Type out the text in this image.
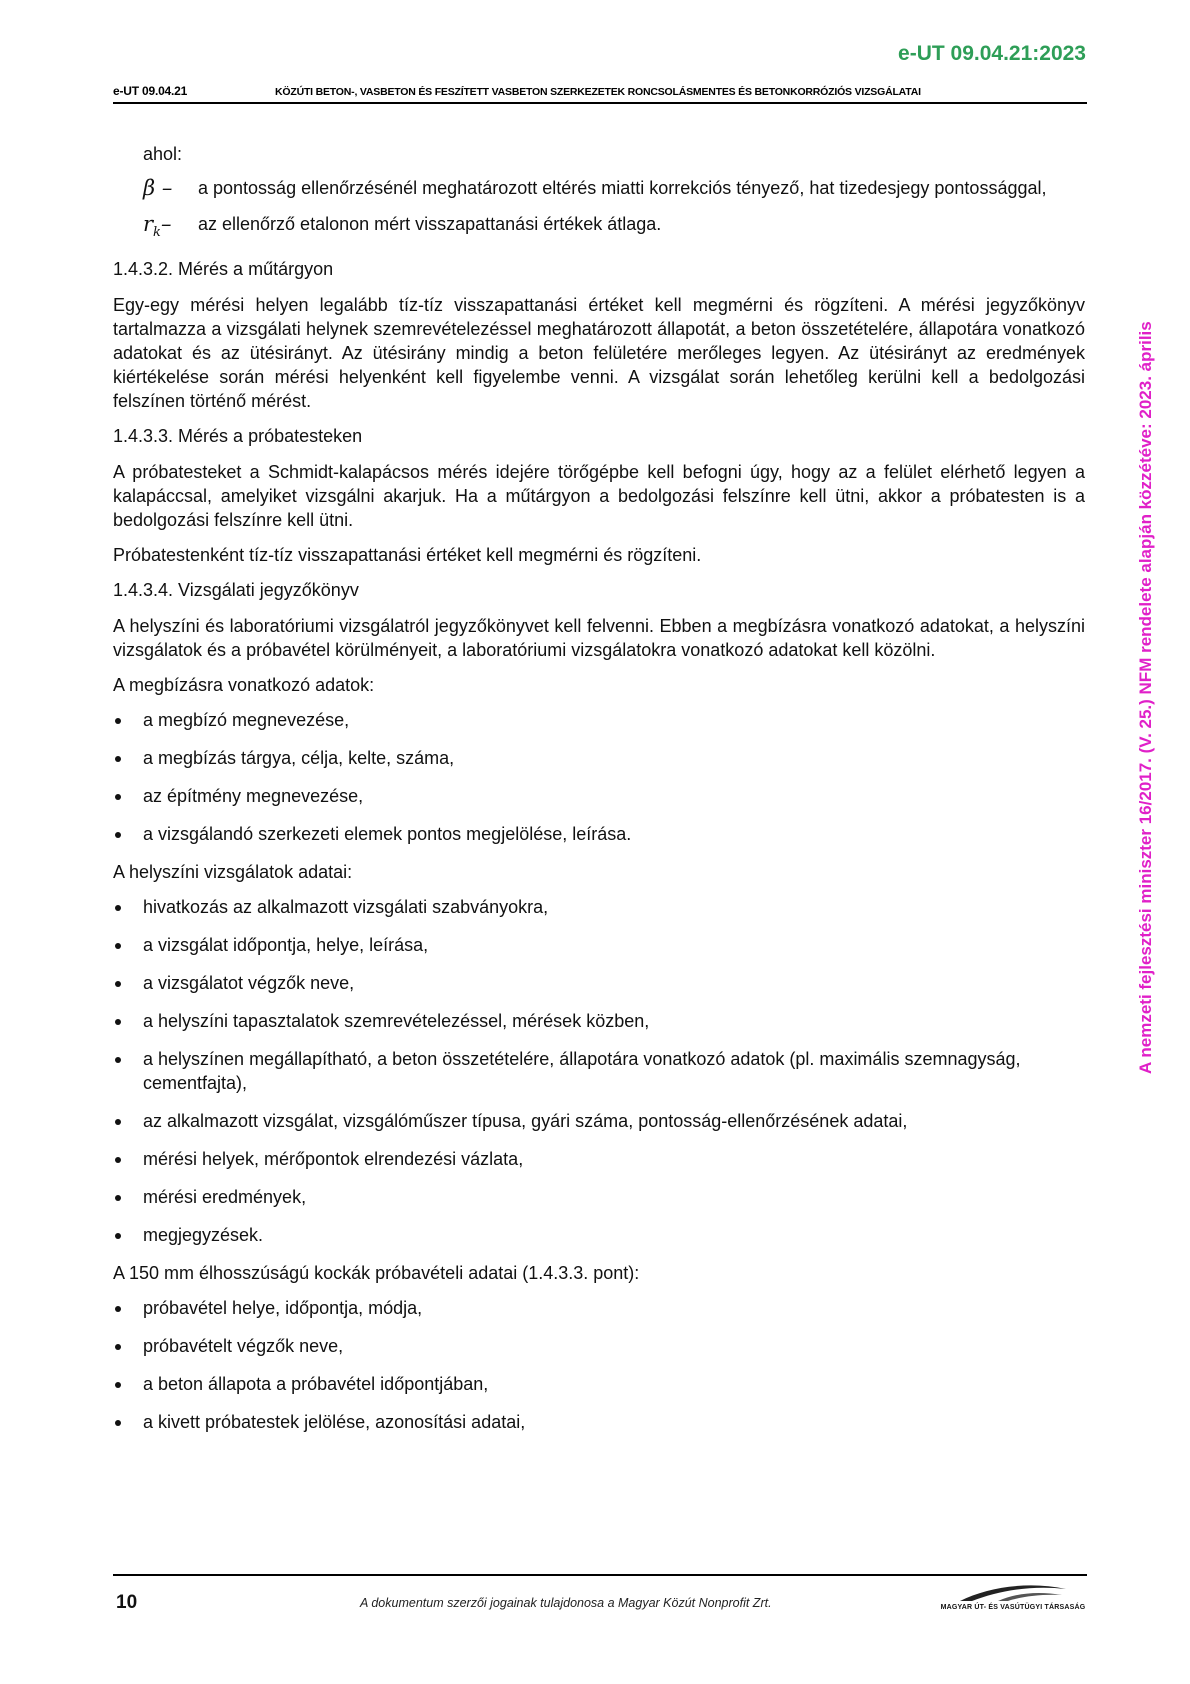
e-UT 09.04.21:2023
e-UT 09.04.21	KÖZÚTI BETON-, VASBETON ÉS FESZÍTETT VASBETON SZERKEZETEK RONCSOLÁSMENTES ÉS BETONKORRÓZIÓS VIZSGÁLATAI
A nemzeti fejlesztési miniszter 16/2017. (V. 25.) NFM rendelete alapján közzétéve: 2023. április

ahol:

β –	a pontosság ellenőrzésénél meghatározott eltérés miatti korrekciós tényező, hat tizedesjegy pontossággal,
$r_k-$	az ellenőrző etalonon mért visszapattanási értékek átlaga.

1.4.3.2. Mérés a műtárgyon

Egy-egy mérési helyen legalább tíz-tíz visszapattanási értéket kell megmérni és rögzíteni. A mérési jegyzőkönyv tartalmazza a vizsgálati helynek szemrevételezéssel meghatározott állapotát, a beton összetételére, állapotára vonatkozó adatokat és az ütésirányt. Az ütésirány mindig a beton felületére merőleges legyen. Az ütésirányt az eredmények kiértékelése során mérési helyenként kell figyelembe venni. A vizsgálat során lehetőleg kerülni kell a bedolgozási felszínen történő mérést.

1.4.3.3. Mérés a próbatesteken

A próbatesteket a Schmidt-kalapácsos mérés idejére törőgépbe kell befogni úgy, hogy az a felület elérhető legyen a kalapáccsal, amelyiket vizsgálni akarjuk. Ha a műtárgyon a bedolgozási felszínre kell ütni, akkor a próbatesten is a bedolgozási felszínre kell ütni.

Próbatestenként tíz-tíz visszapattanási értéket kell megmérni és rögzíteni.

1.4.3.4. Vizsgálati jegyzőkönyv

A helyszíni és laboratóriumi vizsgálatról jegyzőkönyvet kell felvenni. Ebben a megbízásra vonatkozó adatokat, a helyszíni vizsgálatok és a próbavétel körülményeit, a laboratóriumi vizsgálatokra vonatkozó adatokat kell közölni.

A megbízásra vonatkozó adatok:

a megbízó megnevezése,
a megbízás tárgya, célja, kelte, száma,
az építmény megnevezése,
a vizsgálandó szerkezeti elemek pontos megjelölése, leírása.

A helyszíni vizsgálatok adatai:

hivatkozás az alkalmazott vizsgálati szabványokra,
a vizsgálat időpontja, helye, leírása,
a vizsgálatot végzők neve,
a helyszíni tapasztalatok szemrevételezéssel, mérések közben,
a helyszínen megállapítható, a beton összetételére, állapotára vonatkozó adatok (pl. maximális szemnagyság, cementfajta),
az alkalmazott vizsgálat, vizsgálóműszer típusa, gyári száma, pontosság-ellenőrzésének adatai,
mérési helyek, mérőpontok elrendezési vázlata,
mérési eredmények,
megjegyzések.

A 150 mm élhosszúságú kockák próbavételi adatai (1.4.3.3. pont):

próbavétel helye, időpontja, módja,
próbavételt végzők neve,
a beton állapota a próbavétel időpontjában,
a kivett próbatestek jelölése, azonosítási adatai,
10	A dokumentum szerzői jogainak tulajdonosa a Magyar Közút Nonprofit Zrt.	MAGYAR ÚT- ÉS VASÚTÜGYI TÁRSASÁG
